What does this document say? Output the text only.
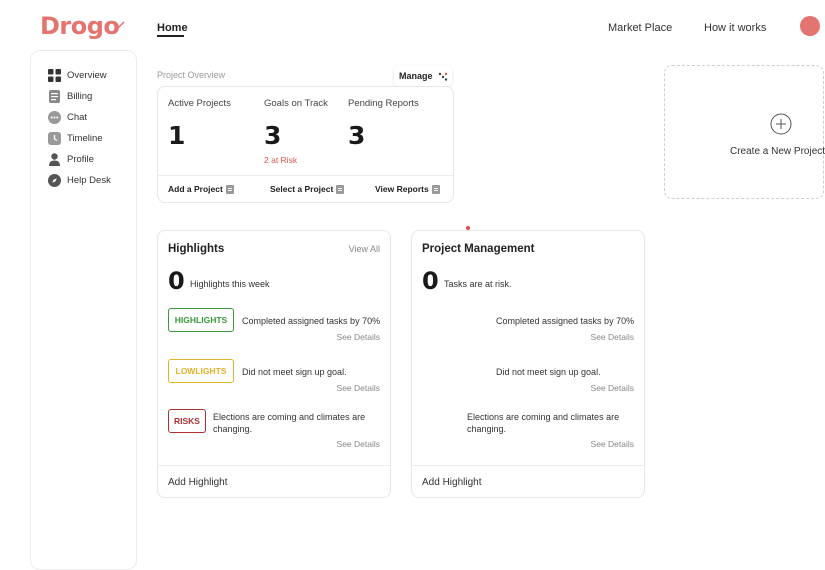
Drogo	Home	Market Place	How it works
Overview
Billing
Chat
Timeline
Profile
Help Desk
Project Overview	Manage
Active Projects
1
Goals on Track
3
2 at Risk
Pending Reports
3
Add a Project	Select a Project	View Reports
Create a New Project
Highlights	View All
0 Highlights this week
HIGHLIGHTS	Completed assigned tasks by 70%
See Details
LOWLIGHTS	Did not meet sign up goal.
See Details
RISKS	Elections are coming and climates are changing.
See Details
Add Highlight
Project Management
0 Tasks are at risk.
Completed assigned tasks by 70%
See Details
Did not meet sign up goal.
See Details
Elections are coming and climates are changing.
See Details
Add Highlight
